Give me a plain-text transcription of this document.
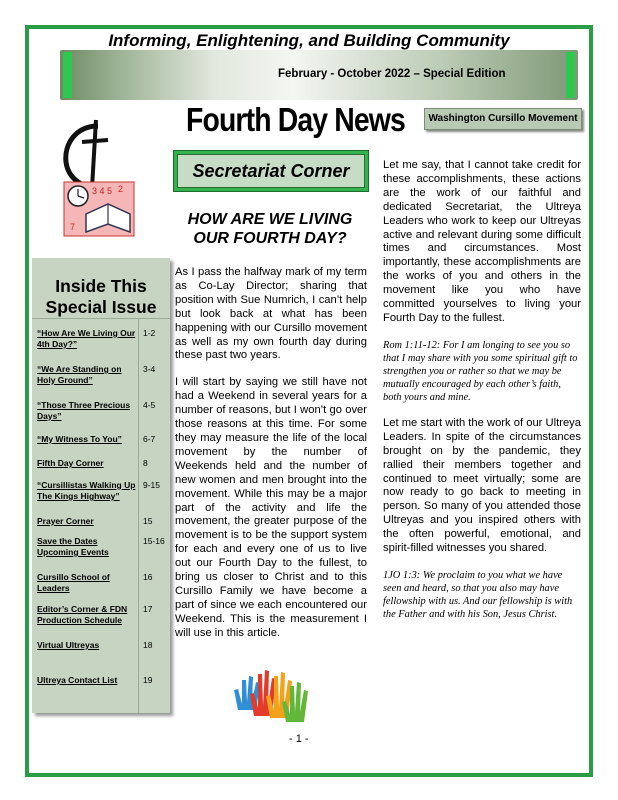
Informing, Enlightening, and Building Community
February - October 2022 – Special Edition
Fourth Day News	Washington Cursillo Movement
3 4 5 2
7
Inside This Special Issue
“How Are We Living Our 4th Day?”
1-2
“We Are Standing on Holy Ground”
3-4
“Those Three Precious Days”
4-5
“My Witness To You”	6-7
Fifth Day Corner	8
“Cursillistas Walking Up The Kings Highway”
9-15
Prayer Corner	15
Save the Dates Upcoming Events
15-16
Cursillo School of Leaders
16
Editor’s Corner & FDN Production Schedule
17
Virtual Ultreyas	18
Ultreya Contact List	19
Secretariat Corner
HOW ARE WE LIVING OUR FOURTH DAY?

As I pass the halfway mark of my term as Co-Lay Director; sharing that position with Sue Numrich, I can’t help but look back at what has been happening with our Cursillo movement as well as my own fourth day during these past two years.

I will start by saying we still have not had a Weekend in several years for a number of reasons, but I won’t go over those reasons at this time. For some they may measure the life of the local movement by the number of Weekends held and the number of new women and men brought into the movement. While this may be a major part of the activity and life the movement, the greater purpose of the movement is to be the support system for each and every one of us to live out our Fourth Day to the fullest, to bring us closer to Christ and to this Cursillo Family we have become a part of since we each encountered our Weekend. This is the measurement I will use in this article.

Let me say, that I cannot take credit for these accomplishments, these actions are the work of our faithful and dedicated Secretariat, the Ultreya Leaders who work to keep our Ultreyas active and relevant during some difficult times and circumstances. Most importantly, these accomplishments are the works of you and others in the movement like you who have committed yourselves to living your Fourth Day to the fullest.

Rom 1:11-12: For I am longing to see you so that I may share with you some spiritual gift to strengthen you or rather so that we may be mutually encouraged by each other’s faith, both yours and mine.

Let me start with the work of our Ultreya Leaders. In spite of the circumstances brought on by the pandemic, they rallied their members together and continued to meet virtually; some are now ready to go back to meeting in person. So many of you attended those Ultreyas and you inspired others with the often powerful, emotional, and spirit-filled witnesses you shared.

1JO 1:3: We proclaim to you what we have seen and heard, so that you also may have fellowship with us. And our fellowship is with the Father and with his Son, Jesus Christ.

- 1 -
